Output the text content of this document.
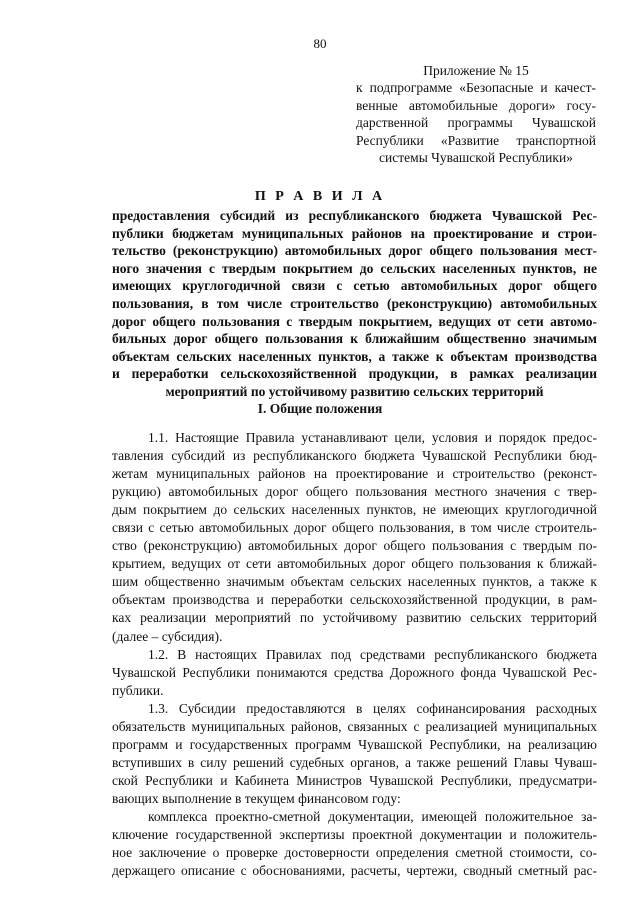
80
Приложение № 15
к подпрограмме «Безопасные и качест-
венные автомобильные дороги» госу-
дарственной программы Чувашской
Республики «Развитие транспортной
системы Чувашской Республики»
П Р А В И Л А
предоставления субсидий из республиканского бюджета Чувашской Рес-
публики бюджетам муниципальных районов на проектирование и строи-
тельство (реконструкцию) автомобильных дорог общего пользования мест-
ного значения с твердым покрытием до сельских населенных пунктов, не
имеющих круглогодичной связи с сетью автомобильных дорог общего
пользования, в том числе строительство (реконструкцию) автомобильных
дорог общего пользования с твердым покрытием, ведущих от сети автомо-
бильных дорог общего пользования к ближайшим общественно значимым
объектам сельских населенных пунктов, а также к объектам производства
и переработки сельскохозяйственной продукции, в рамках реализации
мероприятий по устойчивому развитию сельских территорий
I. Общие положения
1.1. Настоящие Правила устанавливают цели, условия и порядок предос-
тавления субсидий из республиканского бюджета Чувашской Республики бюд-
жетам муниципальных районов на проектирование и строительство (реконст-
рукцию) автомобильных дорог общего пользования местного значения с твер-
дым покрытием до сельских населенных пунктов, не имеющих круглогодичной
связи с сетью автомобильных дорог общего пользования, в том числе строитель-
ство (реконструкцию) автомобильных дорог общего пользования с твердым по-
крытием, ведущих от сети автомобильных дорог общего пользования к ближай-
шим общественно значимым объектам сельских населенных пунктов, а также к
объектам производства и переработки сельскохозяйственной продукции, в рам-
ках реализации мероприятий по устойчивому развитию сельских территорий
(далее – субсидия).
1.2. В настоящих Правилах под средствами республиканского бюджета
Чувашской Республики понимаются средства Дорожного фонда Чувашской Рес-
публики.
1.3. Субсидии предоставляются в целях софинансирования расходных
обязательств муниципальных районов, связанных с реализацией муниципальных
программ и государственных программ Чувашской Республики, на реализацию
вступивших в силу решений судебных органов, а также решений Главы Чуваш-
ской Республики и Кабинета Министров Чувашской Республики, предусматри-
вающих выполнение в текущем финансовом году:
комплекса проектно-сметной документации, имеющей положительное за-
ключение государственной экспертизы проектной документации и положитель-
ное заключение о проверке достоверности определения сметной стоимости, со-
держащего описание с обоснованиями, расчеты, чертежи, сводный сметный рас-
